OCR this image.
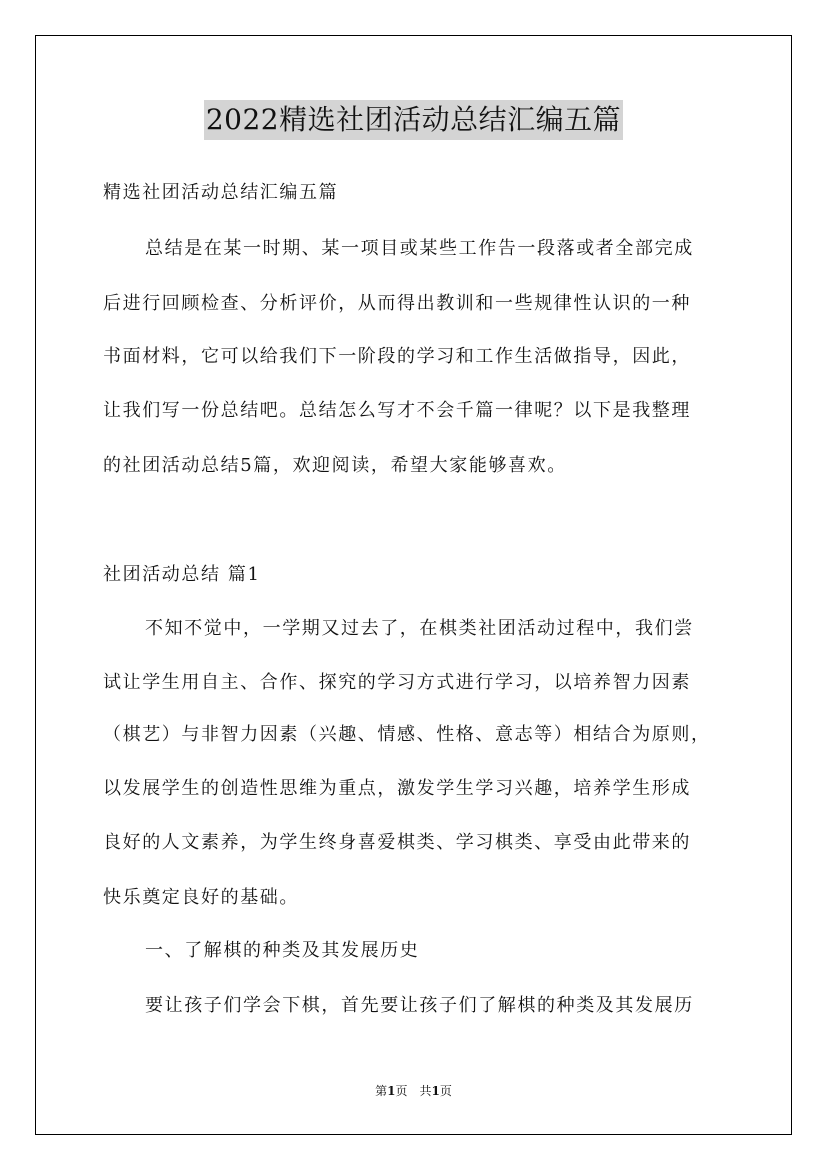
2022精选社团活动总结汇编五篇
精选社团活动总结汇编五篇
总结是在某一时期、某一项目或某些工作告一段落或者全部完成
后进行回顾检查、分析评价，从而得出教训和一些规律性认识的一种
书面材料，它可以给我们下一阶段的学习和工作生活做指导，因此，
让我们写一份总结吧。总结怎么写才不会千篇一律呢？以下是我整理
的社团活动总结5篇，欢迎阅读，希望大家能够喜欢。
社团活动总结 篇1
不知不觉中，一学期又过去了，在棋类社团活动过程中，我们尝
试让学生用自主、合作、探究的学习方式进行学习，以培养智力因素
（棋艺）与非智力因素（兴趣、情感、性格、意志等）相结合为原则，
以发展学生的创造性思维为重点，激发学生学习兴趣，培养学生形成
良好的人文素养，为学生终身喜爱棋类、学习棋类、享受由此带来的
快乐奠定良好的基础。
一、了解棋的种类及其发展历史
要让孩子们学会下棋，首先要让孩子们了解棋的种类及其发展历
第1页　共1页
